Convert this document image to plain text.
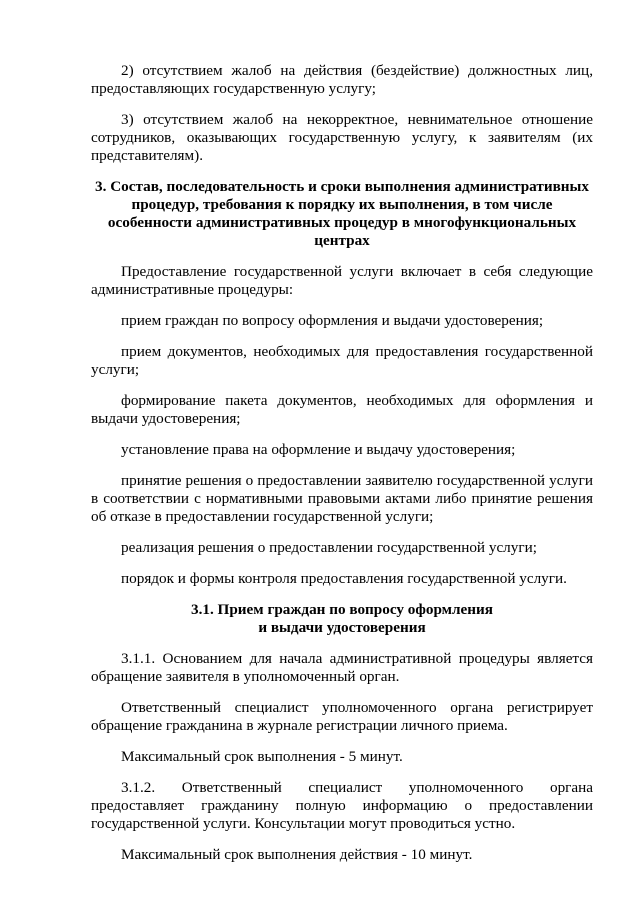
2) отсутствием жалоб на действия (бездействие) должностных лиц, предоставляющих государственную услугу;

3) отсутствием жалоб на некорректное, невнимательное отношение сотрудников, оказывающих государственную услугу, к заявителям (их представителям).

3. Состав, последовательность и сроки выполнения административных
процедур, требования к порядку их выполнения, в том числе
особенности административных процедур в многофункциональных
центрах

Предоставление государственной услуги включает в себя следующие административные процедуры:

прием граждан по вопросу оформления и выдачи удостоверения;

прием документов, необходимых для предоставления государственной услуги;

формирование пакета документов, необходимых для оформления и выдачи удостоверения;

установление права на оформление и выдачу удостоверения;

принятие решения о предоставлении заявителю государственной услуги в соответствии с нормативными правовыми актами либо принятие решения об отказе в предоставлении государственной услуги;

реализация решения о предоставлении государственной услуги;

порядок и формы контроля предоставления государственной услуги.

3.1. Прием граждан по вопросу оформления
и выдачи удостоверения

3.1.1. Основанием для начала административной процедуры является обращение заявителя в уполномоченный орган.

Ответственный специалист уполномоченного органа регистрирует обращение гражданина в журнале регистрации личного приема.

Максимальный срок выполнения - 5 минут.

3.1.2. Ответственный специалист уполномоченного органа предоставляет гражданину полную информацию о предоставлении государственной услуги. Консультации могут проводиться устно.

Максимальный срок выполнения действия - 10 минут.
